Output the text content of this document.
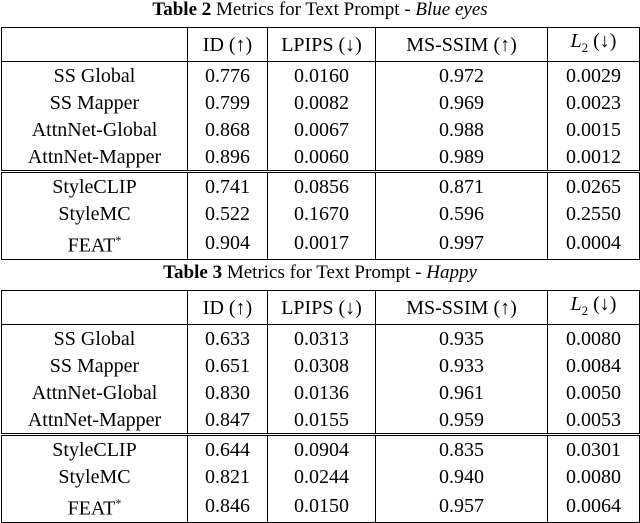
Table 2 Metrics for Text Prompt - Blue eyes
	ID (↑)	LPIPS (↓)	MS-SSIM (↑)	$L_2$ (↓)
SS Global	0.776	0.0160	0.972	0.0029
SS Mapper	0.799	0.0082	0.969	0.0023
AttnNet-Global	0.868	0.0067	0.988	0.0015
AttnNet-Mapper	0.896	0.0060	0.989	0.0012
StyleCLIP	0.741	0.0856	0.871	0.0265
StyleMC	0.522	0.1670	0.596	0.2550
FEAT*	0.904	0.0017	0.997	0.0004
Table 3 Metrics for Text Prompt - Happy
	ID (↑)	LPIPS (↓)	MS-SSIM (↑)	$L_2$ (↓)
SS Global	0.633	0.0313	0.935	0.0080
SS Mapper	0.651	0.0308	0.933	0.0084
AttnNet-Global	0.830	0.0136	0.961	0.0050
AttnNet-Mapper	0.847	0.0155	0.959	0.0053
StyleCLIP	0.644	0.0904	0.835	0.0301
StyleMC	0.821	0.0244	0.940	0.0080
FEAT*	0.846	0.0150	0.957	0.0064
